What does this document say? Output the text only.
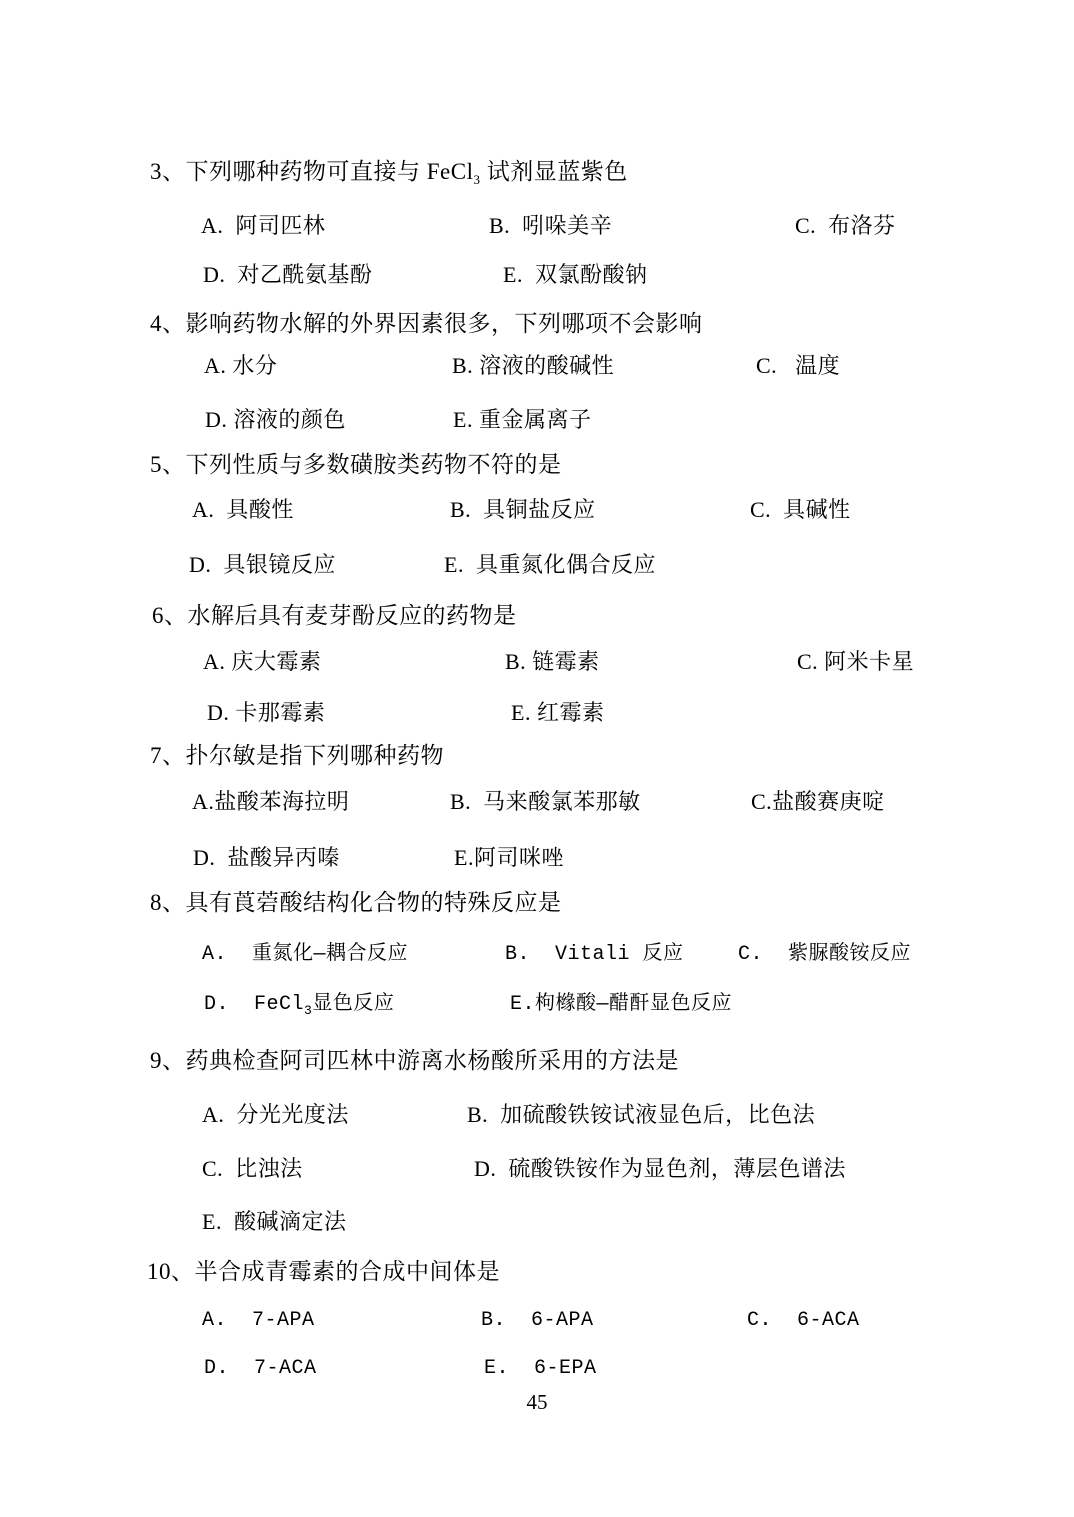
3、下列哪种药物可直接与 FeCl$_3$ 试剂显蓝紫色
A.  阿司匹林	B.  吲哚美辛	C.  布洛芬
D.  对乙酰氨基酚	E.  双氯酚酸钠
4、影响药物水解的外界因素很多，下列哪项不会影响
A. 水分	B. 溶液的酸碱性	C.   温度
D. 溶液的颜色	E. 重金属离子
5、下列性质与多数磺胺类药物不符的是
A.  具酸性	B.  具铜盐反应	C.  具碱性
D.  具银镜反应	E.  具重氮化偶合反应
6、水解后具有麦芽酚反应的药物是
A. 庆大霉素	B. 链霉素	C. 阿米卡星
D. 卡那霉素	E. 红霉素
7、扑尔敏是指下列哪种药物
A.盐酸苯海拉明	B.  马来酸氯苯那敏	C.盐酸赛庚啶
D.  盐酸异丙嗪	E.阿司咪唑
8、具有莨菪酸结构化合物的特殊反应是
A.  重氮化—耦合反应	B.  Vitali 反应	C.  紫脲酸铵反应
D.  FeCl$_3$显色反应	E.枸橼酸—醋酐显色反应
9、药典检查阿司匹林中游离水杨酸所采用的方法是
A.  分光光度法	B.  加硫酸铁铵试液显色后，比色法
C.  比浊法	D.  硫酸铁铵作为显色剂，薄层色谱法
E.  酸碱滴定法
10、半合成青霉素的合成中间体是
A.  7-APA	B.  6-APA	C.  6-ACA
D.  7-ACA	E.  6-EPA
45
